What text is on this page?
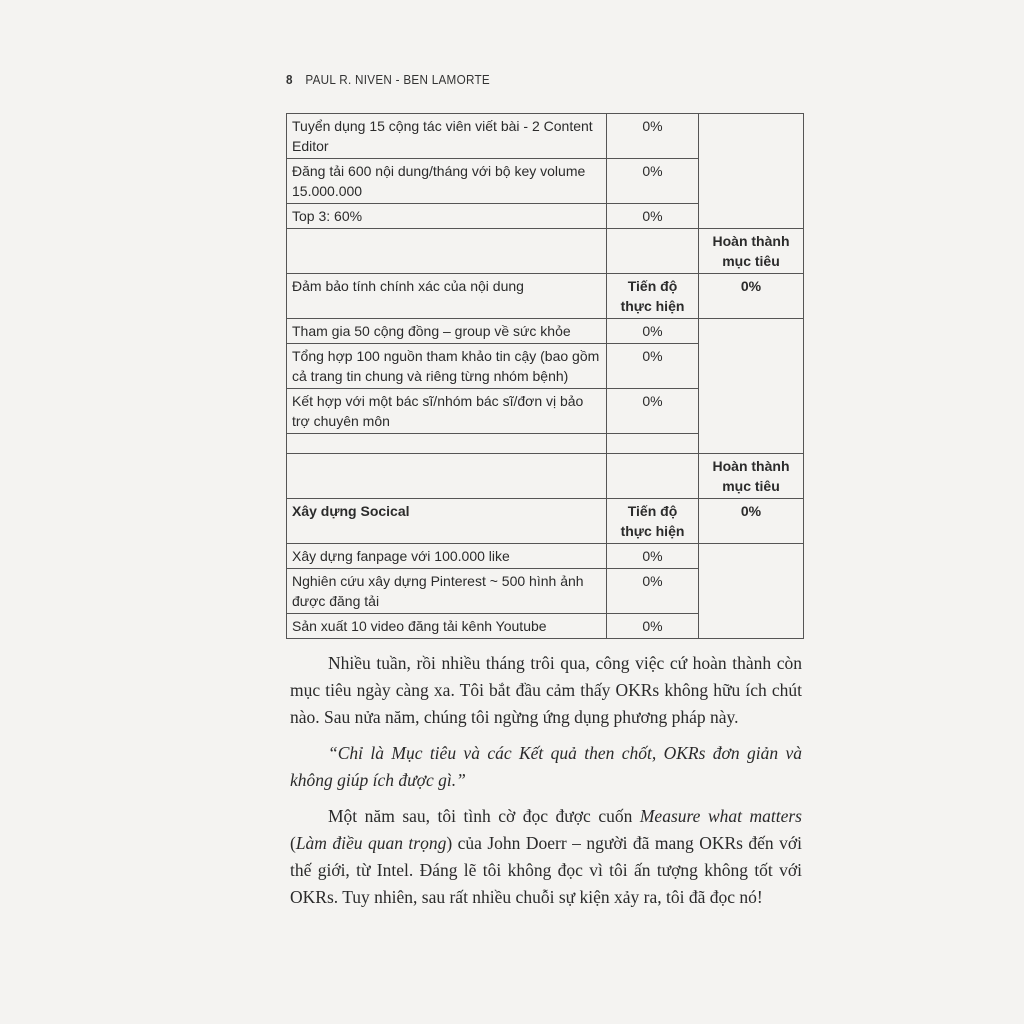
8 PAUL R. NIVEN - BEN LAMORTE
Tuyển dụng 15 cộng tác viên viết bài - 2 Content Editor	0%	
Đăng tải 600 nội dung/tháng với bộ key volume 15.000.000	0%	
Top 3: 60%	0%	
		Hoàn thành mục tiêu
Đảm bảo tính chính xác của nội dung	Tiến độ thực hiện	0%
Tham gia 50 cộng đồng – group về sức khỏe	0%	
Tổng hợp 100 nguồn tham khảo tin cậy (bao gồm cả trang tin chung và riêng từng nhóm bệnh)	0%	
Kết hợp với một bác sĩ/nhóm bác sĩ/đơn vị bảo trợ chuyên môn	0%	

		Hoàn thành mục tiêu
Xây dựng Socical	Tiến độ thực hiện	0%
Xây dựng fanpage với 100.000 like	0%	
Nghiên cứu xây dựng Pinterest ~ 500 hình ảnh được đăng tải	0%	
Sản xuất 10 video đăng tải kênh Youtube	0%	

Nhiều tuần, rồi nhiều tháng trôi qua, công việc cứ hoàn thành còn mục tiêu ngày càng xa. Tôi bắt đầu cảm thấy OKRs không hữu ích chút nào. Sau nửa năm, chúng tôi ngừng ứng dụng phương pháp này.

“Chỉ là Mục tiêu và các Kết quả then chốt, OKRs đơn giản và không giúp ích được gì.”

Một năm sau, tôi tình cờ đọc được cuốn Measure what matters (Làm điều quan trọng) của John Doerr – người đã mang OKRs đến với thế giới, từ Intel. Đáng lẽ tôi không đọc vì tôi ấn tượng không tốt với OKRs. Tuy nhiên, sau rất nhiều chuỗi sự kiện xảy ra, tôi đã đọc nó!
